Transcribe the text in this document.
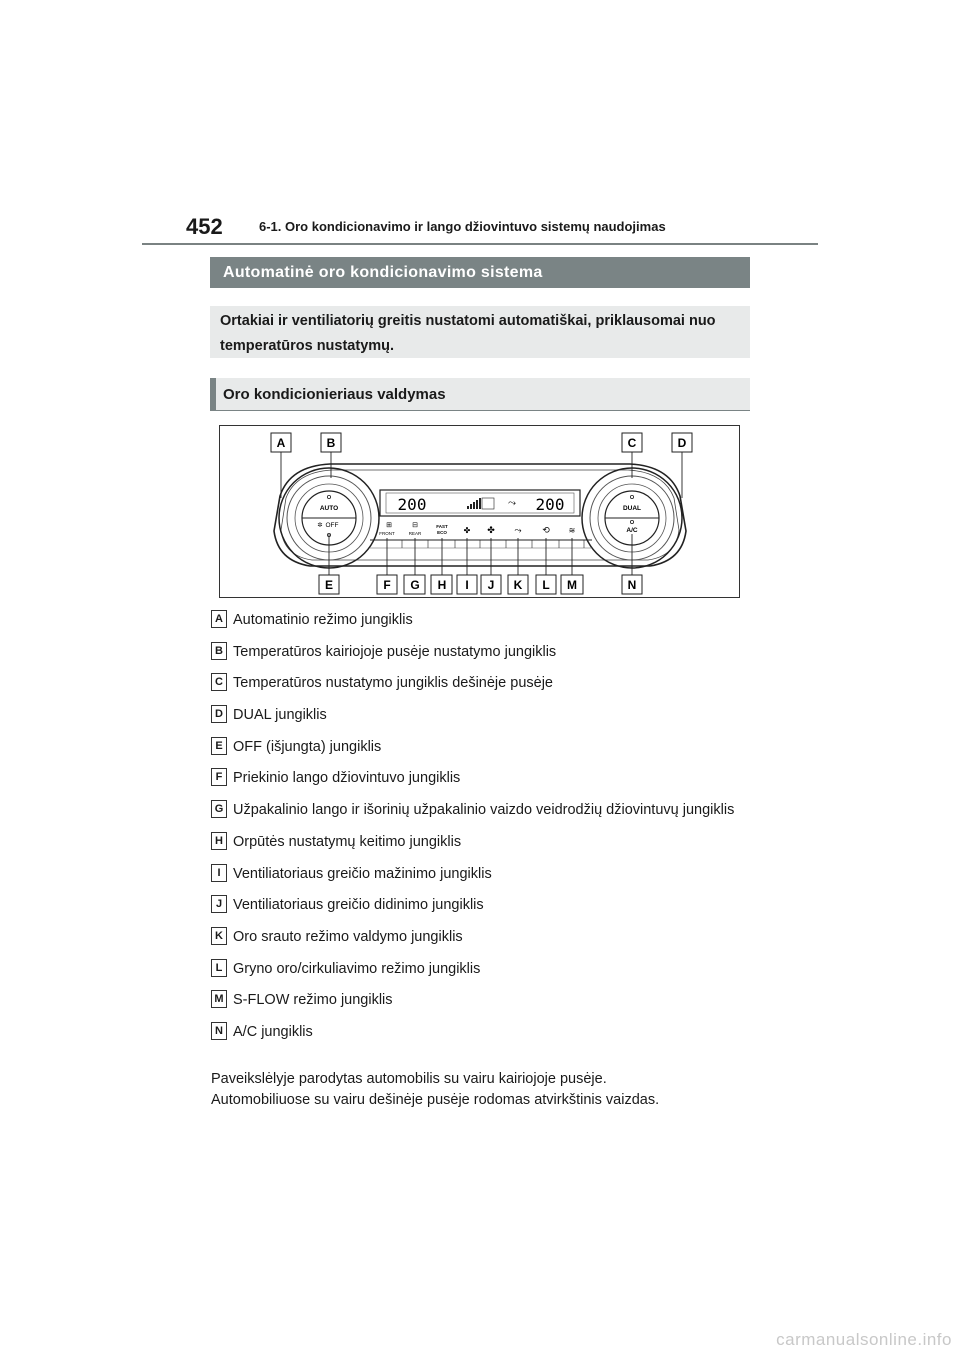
452	6-1. Oro kondicionavimo ir lango džiovintuvo sistemų naudojimas
Automatinė oro kondicionavimo sistema
Ortakiai ir ventiliatorių greitis nustatomi automatiškai, priklausomai nuo temperatūros nustatymų.
Oro kondicionieriaus valdymas
AUTO
OFF
✲
DUAL
A/C
200	200
⤳
⊞
FRONT
⊟
REAR
FAST
ECO ✤ ✤ ⤳ ⟲ ≋
A	B	C	D
E	F G H I J K L M	N
A Automatinio režimo jungiklis
B Temperatūros kairiojoje pusėje nustatymo jungiklis
C Temperatūros nustatymo jungiklis dešinėje pusėje
D DUAL jungiklis
E OFF (išjungta) jungiklis
F Priekinio lango džiovintuvo jungiklis
G Užpakalinio lango ir išorinių užpakalinio vaizdo veidrodžių džiovintuvų jungiklis
H Orpūtės nustatymų keitimo jungiklis
I Ventiliatoriaus greičio mažinimo jungiklis
J Ventiliatoriaus greičio didinimo jungiklis
K Oro srauto režimo valdymo jungiklis
L Gryno oro/cirkuliavimo režimo jungiklis
M S-FLOW režimo jungiklis
N A/C jungiklis
Paveikslėlyje parodytas automobilis su vairu kairiojoje pusėje.
Automobiliuose su vairu dešinėje pusėje rodomas atvirkštinis vaizdas.
carmanualsonline.info
